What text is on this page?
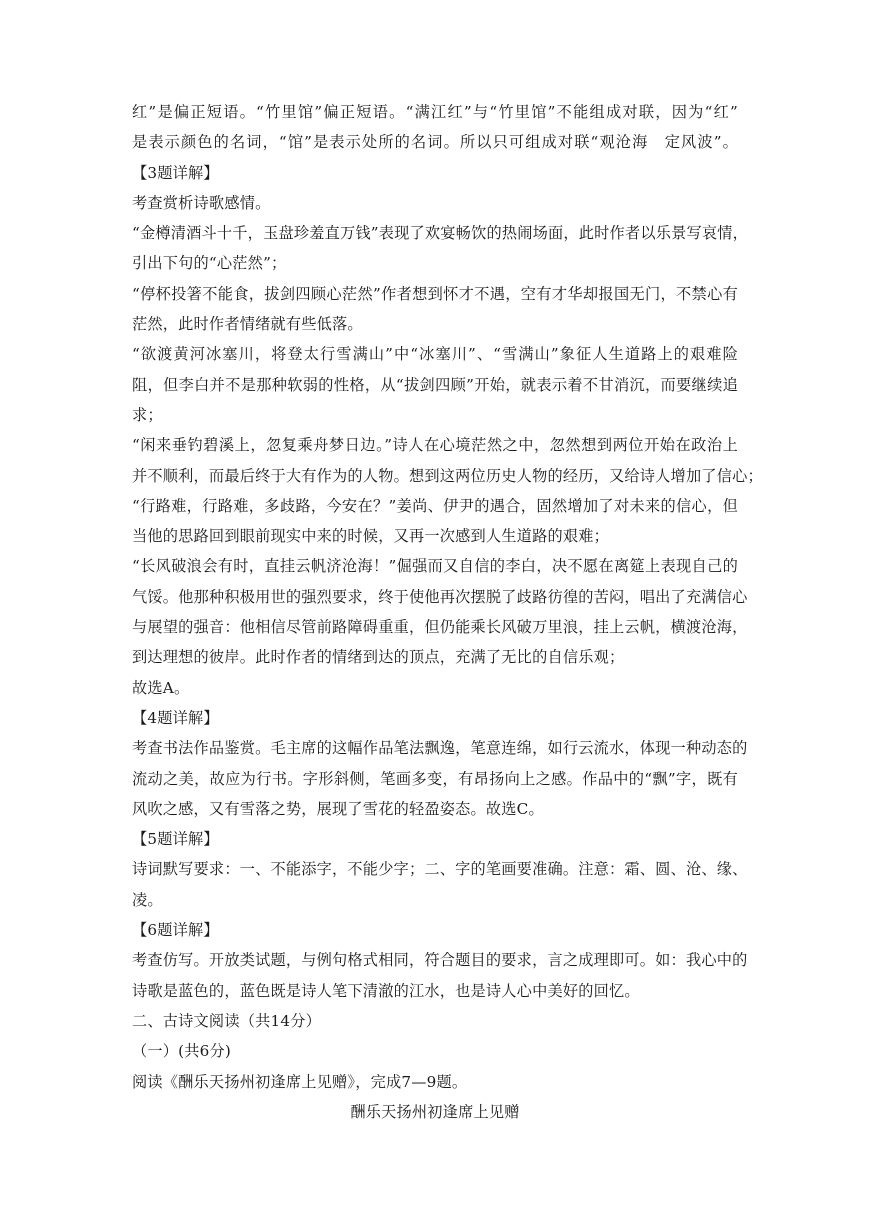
红”是偏正短语。“竹里馆”偏正短语。“满江红”与“竹里馆”不能组成对联，因为“红”
是表示颜色的名词，“馆”是表示处所的名词。所以只可组成对联“观沧海　定风波”。
【3题详解】
考查赏析诗歌感情。
“金樽清酒斗十千，玉盘珍羞直万钱”表现了欢宴畅饮的热闹场面，此时作者以乐景写哀情，
引出下句的“心茫然”；
“停杯投箸不能食，拔剑四顾心茫然”作者想到怀才不遇，空有才华却报国无门，不禁心有
茫然，此时作者情绪就有些低落。
“欲渡黄河冰塞川，将登太行雪满山”中“冰塞川”、“雪满山”象征人生道路上的艰难险
阻，但李白并不是那种软弱的性格，从“拔剑四顾”开始，就表示着不甘消沉，而要继续追
求；
“闲来垂钓碧溪上，忽复乘舟梦日边。”诗人在心境茫然之中，忽然想到两位开始在政治上
并不顺利，而最后终于大有作为的人物。想到这两位历史人物的经历，又给诗人增加了信心；
“行路难，行路难，多歧路，今安在？”姜尚、伊尹的遇合，固然增加了对未来的信心，但
当他的思路回到眼前现实中来的时候，又再一次感到人生道路的艰难；
“长风破浪会有时，直挂云帆济沧海！”倔强而又自信的李白，决不愿在离筵上表现自己的
气馁。他那种积极用世的强烈要求，终于使他再次摆脱了歧路彷徨的苦闷，唱出了充满信心
与展望的强音：他相信尽管前路障碍重重，但仍能乘长风破万里浪，挂上云帆，横渡沧海，
到达理想的彼岸。此时作者的情绪到达的顶点，充满了无比的自信乐观；
故选A。
【4题详解】
考查书法作品鉴赏。毛主席的这幅作品笔法飘逸，笔意连绵，如行云流水，体现一种动态的
流动之美，故应为行书。字形斜侧，笔画多变，有昂扬向上之感。作品中的“飘”字，既有
风吹之感，又有雪落之势，展现了雪花的轻盈姿态。故选C。
【5题详解】
诗词默写要求：一、不能添字，不能少字；二、字的笔画要准确。注意：霜、圆、沧、缘、
凌。
【6题详解】
考查仿写。开放类试题，与例句格式相同，符合题目的要求，言之成理即可。如：我心中的
诗歌是蓝色的，蓝色既是诗人笔下清澈的江水，也是诗人心中美好的回忆。
二、古诗文阅读（共14分）
（一）(共6分)
阅读《酬乐天扬州初逢席上见赠》，完成7—9题。
酬乐天扬州初逢席上见赠
